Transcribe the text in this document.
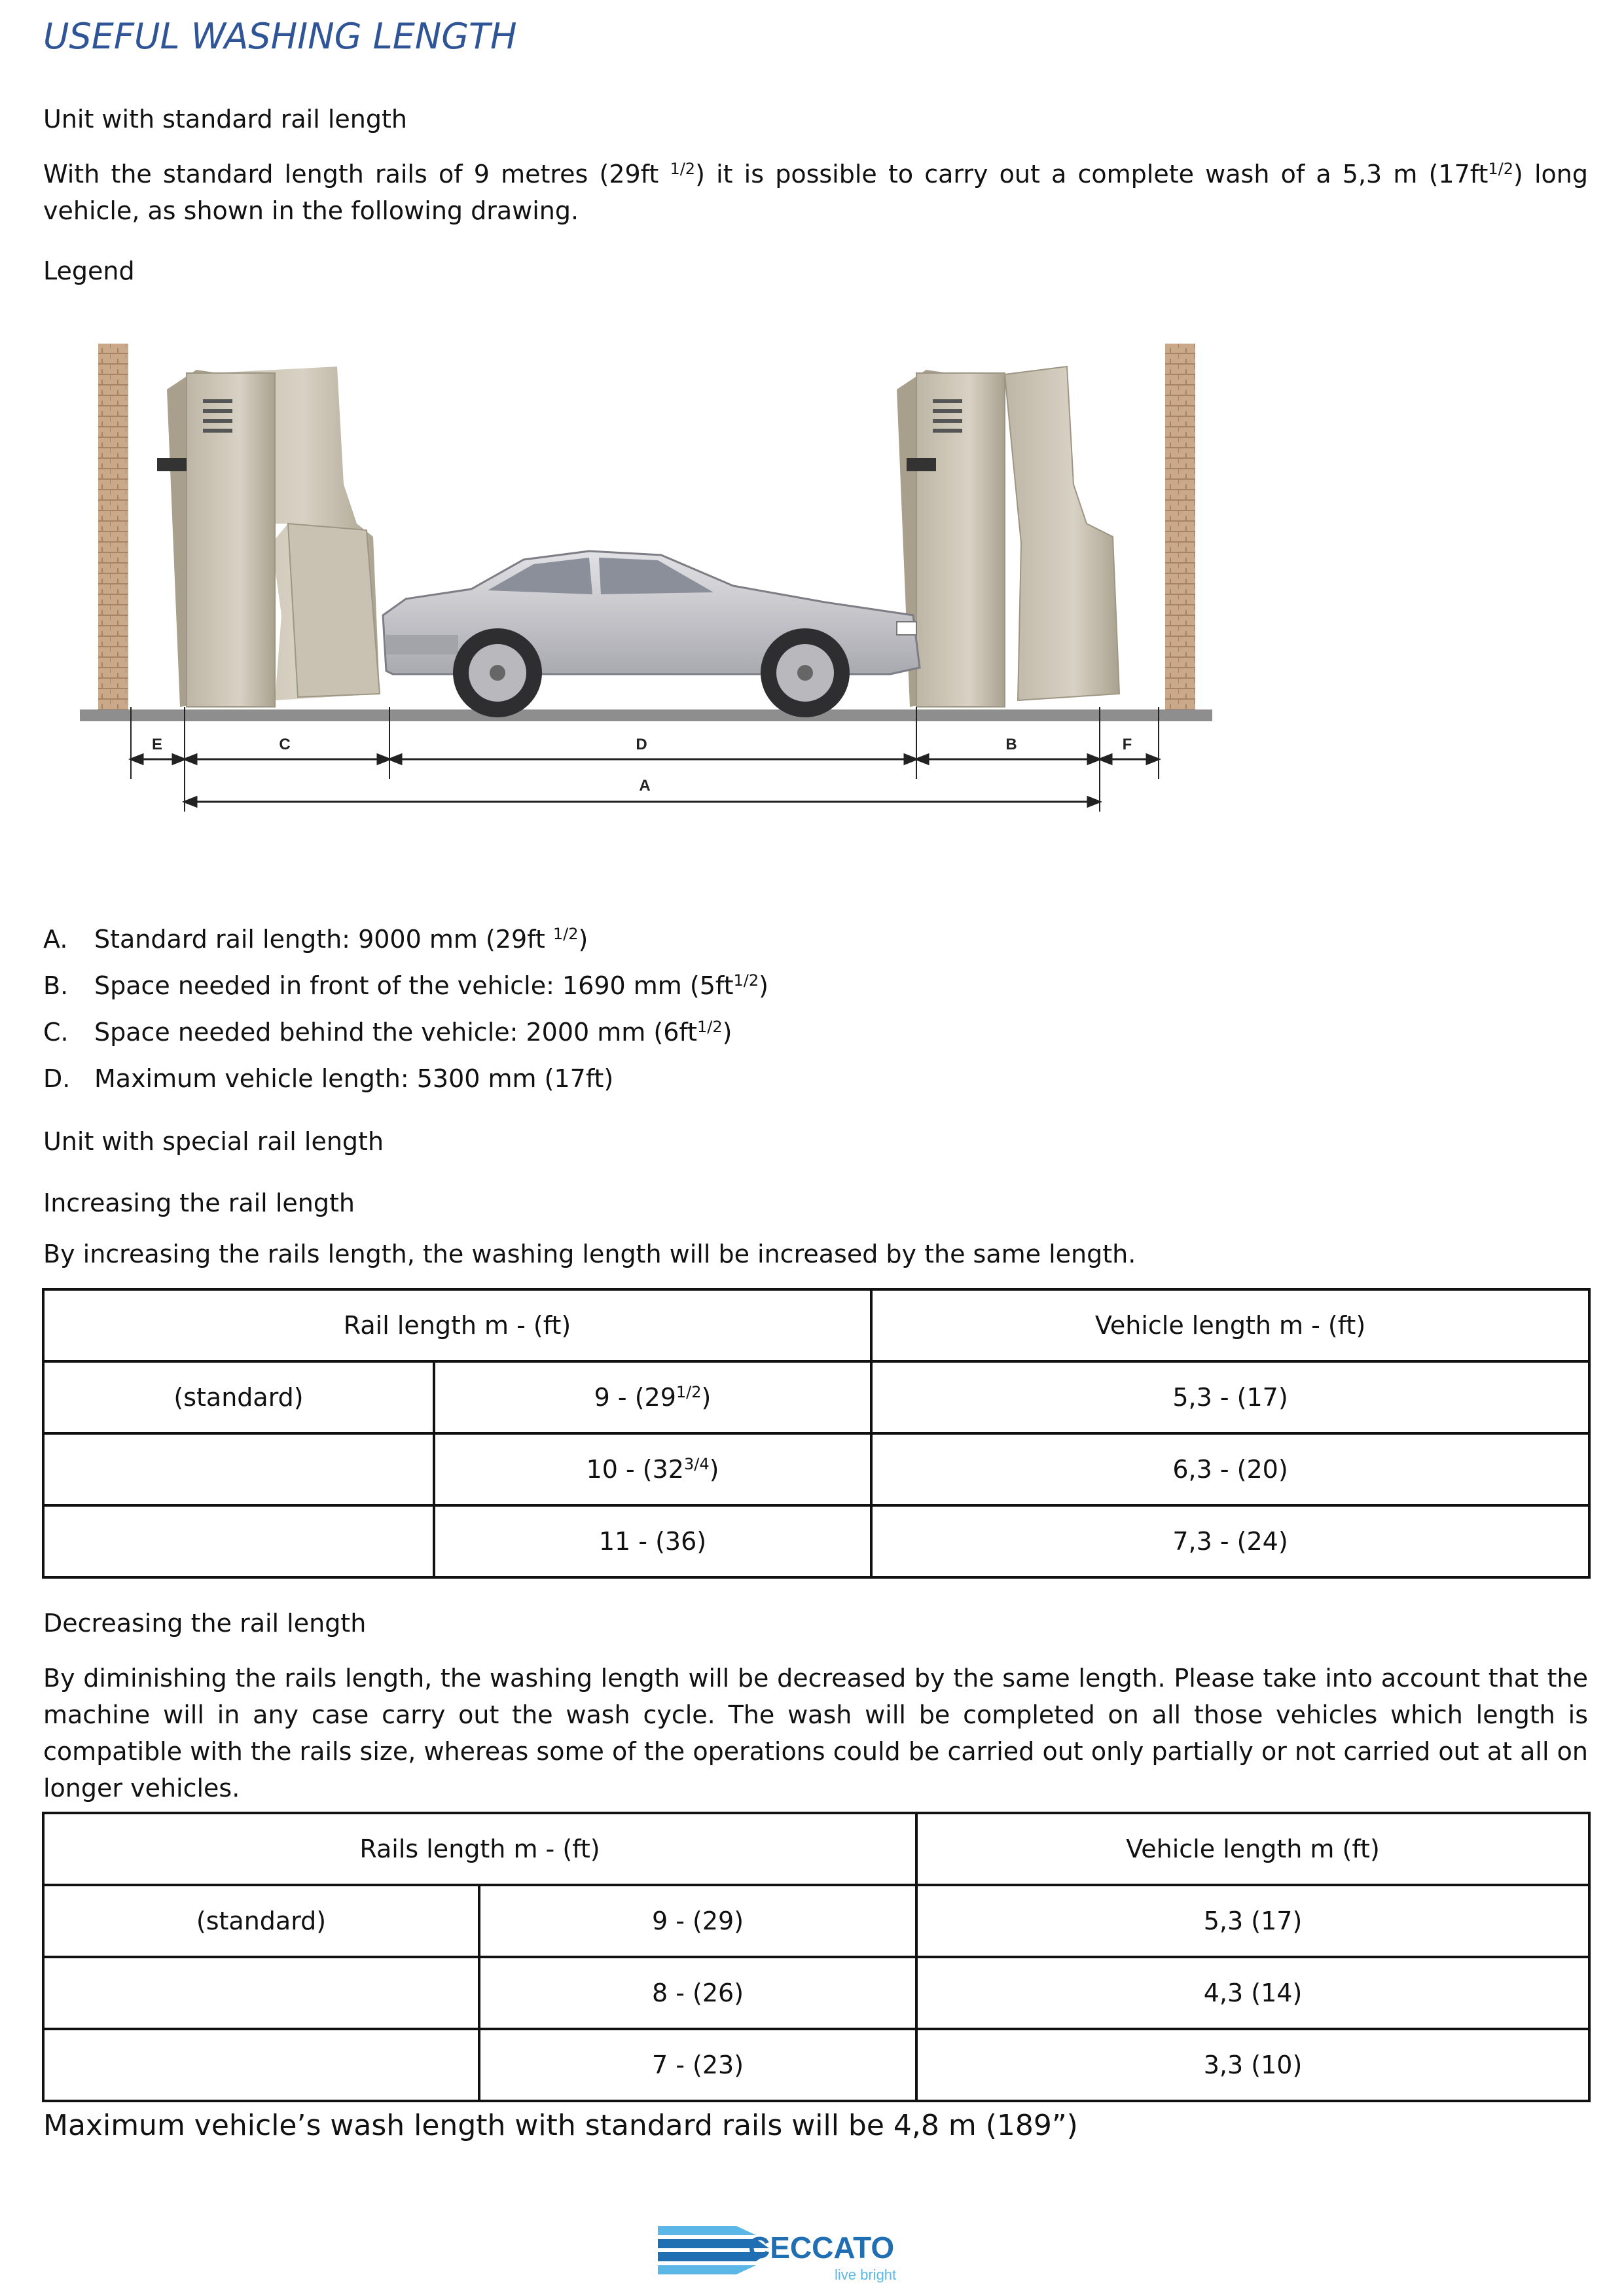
USEFUL WASHING LENGTH
Unit with standard rail length
With the standard length rails of 9 metres (29ft $^{1/2}$) it is possible to carry out a complete wash of a 5,3 m $(17ft^{1/2})$ long vehicle, as shown in the following drawing.
Legend
E	C	D	B	F
A
A. Standard rail length: 9000 mm (29ft $^{1/2}$)
B. Space needed in front of the vehicle: 1690 mm $(5ft^{1/2})$
C. Space needed behind the vehicle: 2000 mm $(6ft^{1/2})$
D. Maximum vehicle length: 5300 mm (17ft)
Unit with special rail length
Increasing the rail length
By increasing the rails length, the washing length will be increased by the same length.
Rail length m - (ft)		Vehicle length m - (ft)
(standard)	$9 - (29^{1/2})$	5,3 - (17)
	$10 - (32^{3/4})$	6,3 - (20)
	11 - (36)	7,3 - (24)
Decreasing the rail length
By diminishing the rails length, the washing length will be decreased by the same length. Please take into account that the machine will in any case carry out the wash cycle. The wash will be completed on all those vehicles which length is compatible with the rails size, whereas some of the operations could be carried out only partially or not carried out at all on longer vehicles.
Rails length m - (ft)		Vehicle length m (ft)
(standard)	9 - (29)	5,3 (17)
	8 - (26)	4,3 (14)
	7 - (23)	3,3 (10)
Maximum vehicle’s wash length with standard rails will be 4,8 m (189”)
CECCATO
live bright
